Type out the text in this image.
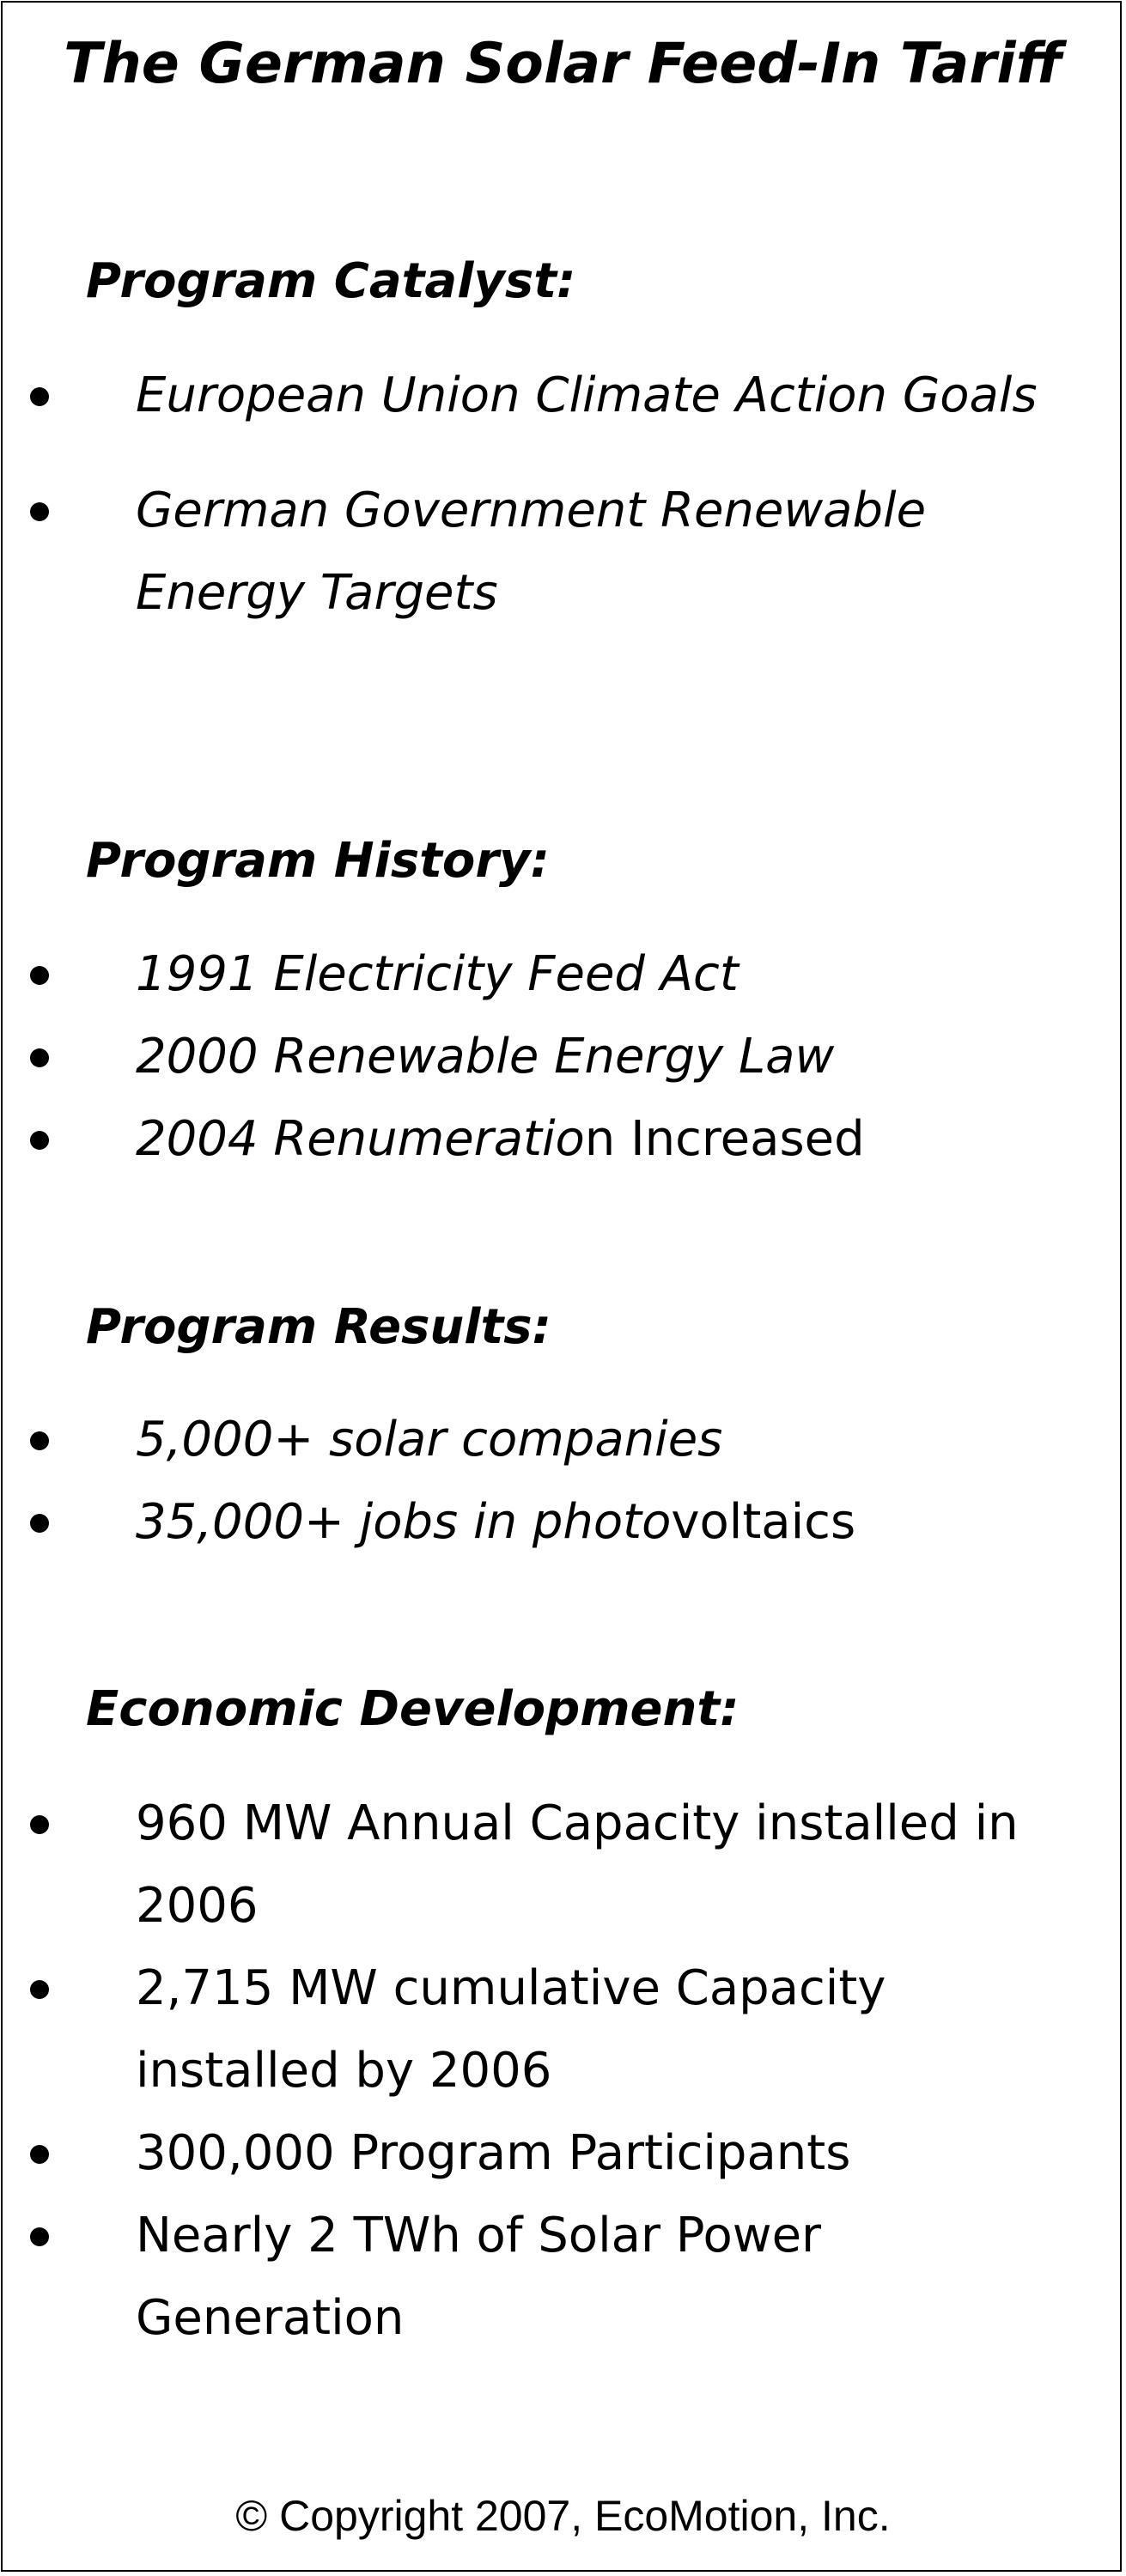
The German Solar Feed-In Tariff
Program Catalyst:
European Union Climate Action Goals
German Government Renewable Energy Targets
Program History:
1991 Electricity Feed Act
2000 Renewable Energy Law
2004 Renumeration Increased
Program Results:
5,000+ solar companies
35,000+ jobs in photovoltaics
Economic Development:
960 MW Annual Capacity installed in 2006
2,715 MW cumulative Capacity installed by 2006
300,000 Program Participants
Nearly 2 TWh of Solar Power Generation
© Copyright 2007, EcoMotion, Inc.
